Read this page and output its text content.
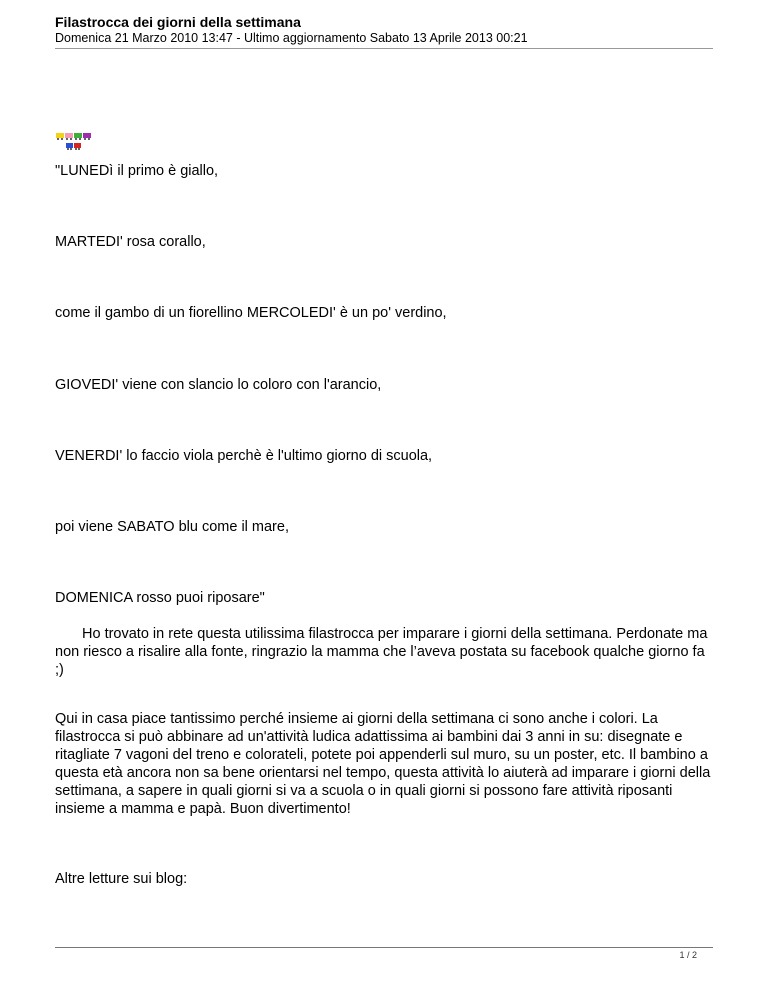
Filastrocca dei giorni della settimana
Domenica 21 Marzo 2010 13:47 - Ultimo aggiornamento Sabato 13 Aprile 2013 00:21
"LUNEDì il primo è giallo,
MARTEDI' rosa corallo,
come il gambo di un fiorellino MERCOLEDI' è un po' verdino,
GIOVEDI' viene con slancio lo coloro con l'arancio,
VENERDI' lo faccio viola perchè è l'ultimo giorno di scuola,
poi viene SABATO blu come il mare,
DOMENICA rosso puoi riposare"
Ho trovato in rete questa utilissima filastrocca per imparare i giorni della settimana. Perdonate ma non riesco a risalire alla fonte, ringrazio la mamma che l’aveva postata su facebook qualche giorno fa ;)
Qui in casa piace tantissimo perché insieme ai giorni della settimana ci sono anche i colori. La filastrocca si può abbinare ad un'attività ludica adattissima ai bambini dai 3 anni in su: disegnate e ritagliate 7 vagoni del treno e colorateli, potete poi appenderli sul muro, su un poster, etc. Il bambino a questa età ancora non sa bene orientarsi nel tempo, questa attività lo aiuterà ad imparare i giorni della settimana, a sapere in quali giorni si va a scuola o in quali giorni si possono fare attività riposanti insieme a mamma e papà. Buon divertimento!
Altre letture sui blog:
1 / 2
